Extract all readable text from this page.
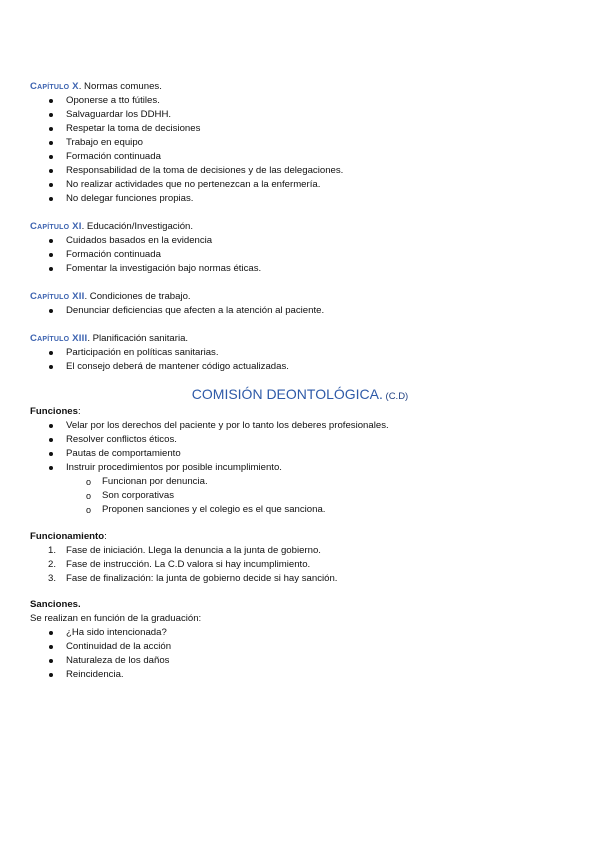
Capítulo X. Normas comunes.
Oponerse a tto fútiles.
Salvaguardar los DDHH.
Respetar la toma de decisiones
Trabajo en equipo
Formación continuada
Responsabilidad de la toma de decisiones y de las delegaciones.
No realizar actividades que no pertenezcan a la enfermería.
No delegar funciones propias.
Capítulo XI. Educación/Investigación.
Cuidados basados en la evidencia
Formación continuada
Fomentar la investigación bajo normas éticas.
Capítulo XII. Condiciones de trabajo.
Denunciar deficiencias que afecten a la atención al paciente.
Capítulo XIII. Planificación sanitaria.
Participación en políticas sanitarias.
El consejo deberá de mantener código actualizadas.
COMISIÓN DEONTOLÓGICA. (C.D)
Funciones:
Velar por los derechos del paciente y por lo tanto los deberes profesionales.
Resolver conflictos éticos.
Pautas de comportamiento
Instruir procedimientos por posible incumplimiento.
o Funcionan por denuncia.
o Son corporativas
o Proponen sanciones y el colegio es el que sanciona.
Funcionamiento:
1. Fase de iniciación. Llega la denuncia a la junta de gobierno.
2. Fase de instrucción. La C.D valora si hay incumplimiento.
3. Fase de finalización: la junta de gobierno decide si hay sanción.
Sanciones.
Se realizan en función de la graduación:
¿Ha sido intencionada?
Continuidad de la acción
Naturaleza de los daños
Reincidencia.
